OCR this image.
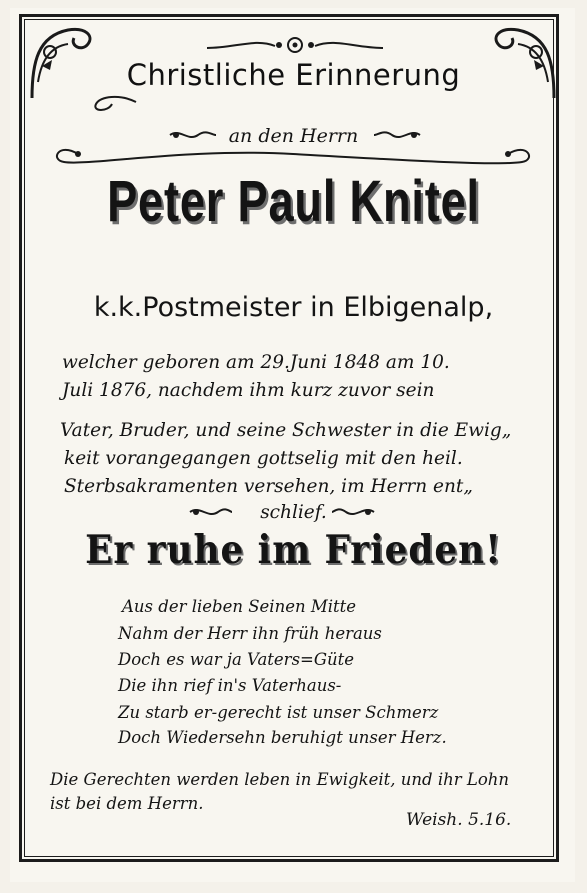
Christliche Erinnerung
an den Herrn
Peter Paul Knitel
k.k.Postmeister in Elbigenalp,
welcher geboren am 29.Juni 1848 am 10.
Juli 1876, nachdem ihm kurz zuvor sein
Vater, Bruder, und seine Schwester in die Ewig„
keit vorangegangen gottselig mit den heil.
Sterbsakramenten versehen, im Herrn ent„
schlief.
Er ruhe im Frieden!
Aus der lieben Seinen Mitte
Nahm der Herr ihn früh heraus
Doch es war ja Vaters=Güte
Die ihn rief in's Vaterhaus-
Zu starb er-gerecht ist unser Schmerz
Doch Wiedersehn beruhigt unser Herz.
Die Gerechten werden leben in Ewigkeit, und ihr Lohn
ist bei dem Herrn.
Weish. 5.16.
